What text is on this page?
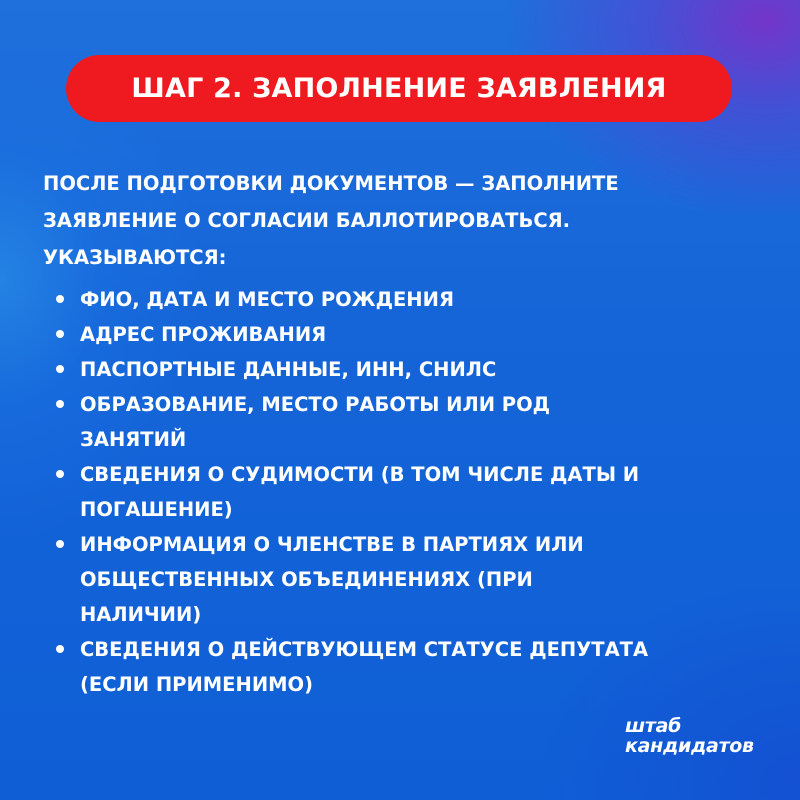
ШАГ 2. ЗАПОЛНЕНИЕ ЗАЯВЛЕНИЯ
ПОСЛЕ ПОДГОТОВКИ ДОКУМЕНТОВ — ЗАПОЛНИТЕ
ЗАЯВЛЕНИЕ О СОГЛАСИИ БАЛЛОТИРОВАТЬСЯ.
УКАЗЫВАЮТСЯ:
ФИО, ДАТА И МЕСТО РОЖДЕНИЯ
АДРЕС ПРОЖИВАНИЯ
ПАСПОРТНЫЕ ДАННЫЕ, ИНН, СНИЛС
ОБРАЗОВАНИЕ, МЕСТО РАБОТЫ ИЛИ РОД
ЗАНЯТИЙ
СВЕДЕНИЯ О СУДИМОСТИ (В ТОМ ЧИСЛЕ ДАТЫ И
ПОГАШЕНИЕ)
ИНФОРМАЦИЯ О ЧЛЕНСТВЕ В ПАРТИЯХ ИЛИ
ОБЩЕСТВЕННЫХ ОБЪЕДИНЕНИЯХ (ПРИ
НАЛИЧИИ)
СВЕДЕНИЯ О ДЕЙСТВУЮЩЕМ СТАТУСЕ ДЕПУТАТА
(ЕСЛИ ПРИМЕНИМО)
штаб
кандидатов
